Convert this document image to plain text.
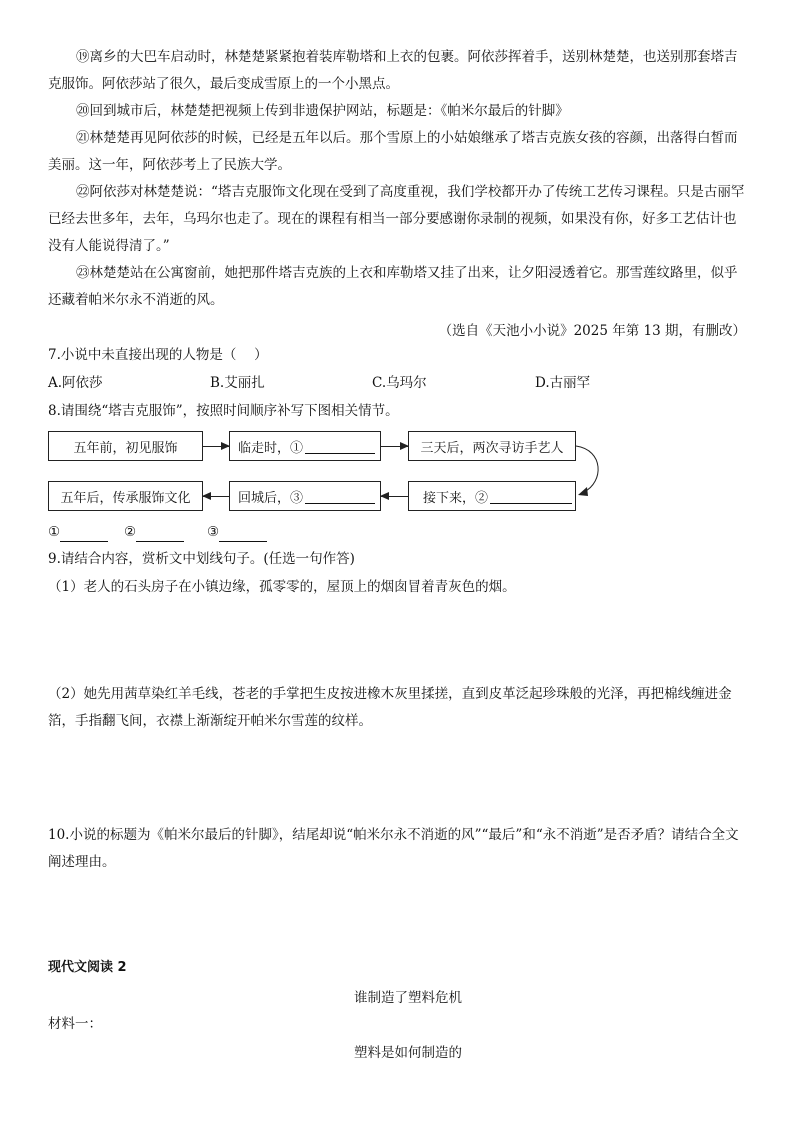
⑲离乡的大巴车启动时，林楚楚紧紧抱着装库勒塔和上衣的包裹。阿依莎挥着手，送别林楚楚，也送别那套塔吉克服饰。阿依莎站了很久，最后变成雪原上的一个小黑点。

⑳回到城市后，林楚楚把视频上传到非遗保护网站，标题是：《帕米尔最后的针脚》

㉑林楚楚再见阿依莎的时候，已经是五年以后。那个雪原上的小姑娘继承了塔吉克族女孩的容颜，出落得白皙而美丽。这一年，阿依莎考上了民族大学。

㉒阿依莎对林楚楚说：“塔吉克服饰文化现在受到了高度重视，我们学校都开办了传统工艺传习课程。只是古丽罕已经去世多年，去年，乌玛尔也走了。现在的课程有相当一部分要感谢你录制的视频，如果没有你，好多工艺估计也没有人能说得清了。”

㉓林楚楚站在公寓窗前，她把那件塔吉克族的上衣和库勒塔又挂了出来，让夕阳浸透着它。那雪莲纹路里，似乎还藏着帕米尔永不消逝的风。

（选自《天池小小说》2025 年第 13 期，有删改）
7.小说中未直接出现的人物是（　 ）
A.阿依莎	B.艾丽扎	C.乌玛尔	D.古丽罕
8.请围绕“塔吉克服饰”，按照时间顺序补写下图相关情节。
五年前，初见服饰	临走时，①	三天后，两次寻访手艺人
接下来，②
回城后，③
五年后，传承服饰文化
①	②	③
9.请结合内容，赏析文中划线句子。(任选一句作答)
（1）老人的石头房子在小镇边缘，孤零零的，屋顶上的烟囱冒着青灰色的烟。

（2）她先用茜草染红羊毛线，苍老的手掌把生皮按进橡木灰里揉搓，直到皮革泛起珍珠般的光泽，再把棉线缠进金箔，手指翻飞间，衣襟上渐渐绽开帕米尔雪莲的纹样。

10.小说的标题为《帕米尔最后的针脚》，结尾却说“帕米尔永不消逝的风”“最后”和“永不消逝”是否矛盾？请结合全文阐述理由。

现代文阅读 2
谁制造了塑料危机
材料一：
塑料是如何制造的
